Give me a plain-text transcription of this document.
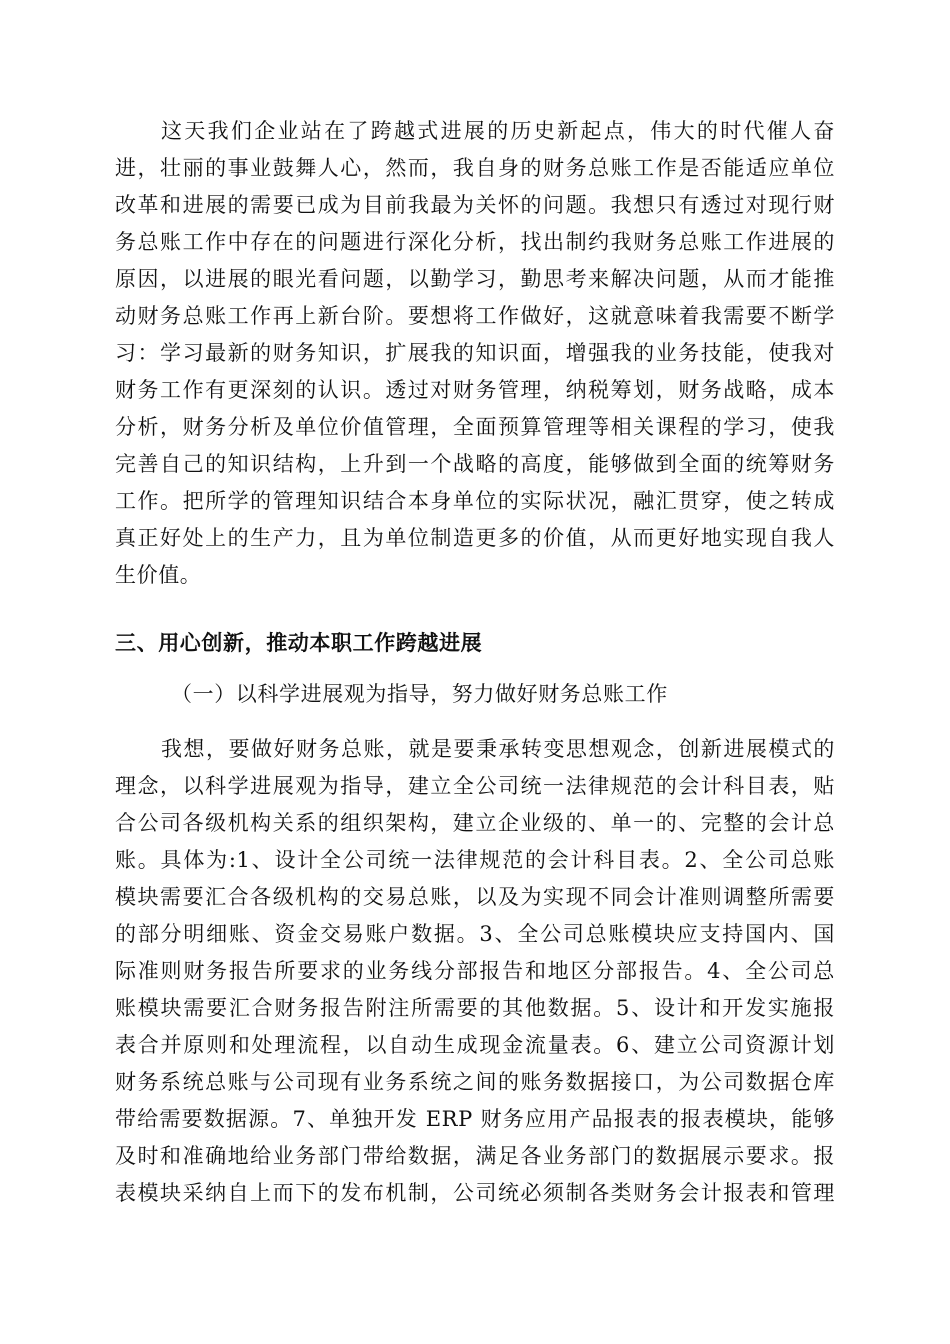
这天我们企业站在了跨越式进展的历史新起点，伟大的时代催人奋
进，壮丽的事业鼓舞人心，然而，我自身的财务总账工作是否能适应单位
改革和进展的需要已成为目前我最为关怀的问题。我想只有透过对现行财
务总账工作中存在的问题进行深化分析，找出制约我财务总账工作进展的
原因，以进展的眼光看问题，以勤学习，勤思考来解决问题，从而才能推
动财务总账工作再上新台阶。要想将工作做好，这就意味着我需要不断学
习：学习最新的财务知识，扩展我的知识面，增强我的业务技能，使我对
财务工作有更深刻的认识。透过对财务管理，纳税筹划，财务战略，成本
分析，财务分析及单位价值管理，全面预算管理等相关课程的学习，使我
完善自己的知识结构，上升到一个战略的高度，能够做到全面的统筹财务
工作。把所学的管理知识结合本身单位的实际状况，融汇贯穿，使之转成
真正好处上的生产力，且为单位制造更多的价值，从而更好地实现自我人
生价值。
三、用心创新，推动本职工作跨越进展
（一）以科学进展观为指导，努力做好财务总账工作
我想，要做好财务总账，就是要秉承转变思想观念，创新进展模式的
理念，以科学进展观为指导，建立全公司统一法律规范的会计科目表，贴
合公司各级机构关系的组织架构，建立企业级的、单一的、完整的会计总
账。具体为:1、设计全公司统一法律规范的会计科目表。2、全公司总账
模块需要汇合各级机构的交易总账，以及为实现不同会计准则调整所需要
的部分明细账、资金交易账户数据。3、全公司总账模块应支持国内、国
际准则财务报告所要求的业务线分部报告和地区分部报告。4、全公司总
账模块需要汇合财务报告附注所需要的其他数据。5、设计和开发实施报
表合并原则和处理流程，以自动生成现金流量表。6、建立公司资源计划
财务系统总账与公司现有业务系统之间的账务数据接口，为公司数据仓库
带给需要数据源。7、单独开发 ERP 财务应用产品报表的报表模块，能够
及时和准确地给业务部门带给数据，满足各业务部门的数据展示要求。报
表模块采纳自上而下的发布机制，公司统必须制各类财务会计报表和管理
